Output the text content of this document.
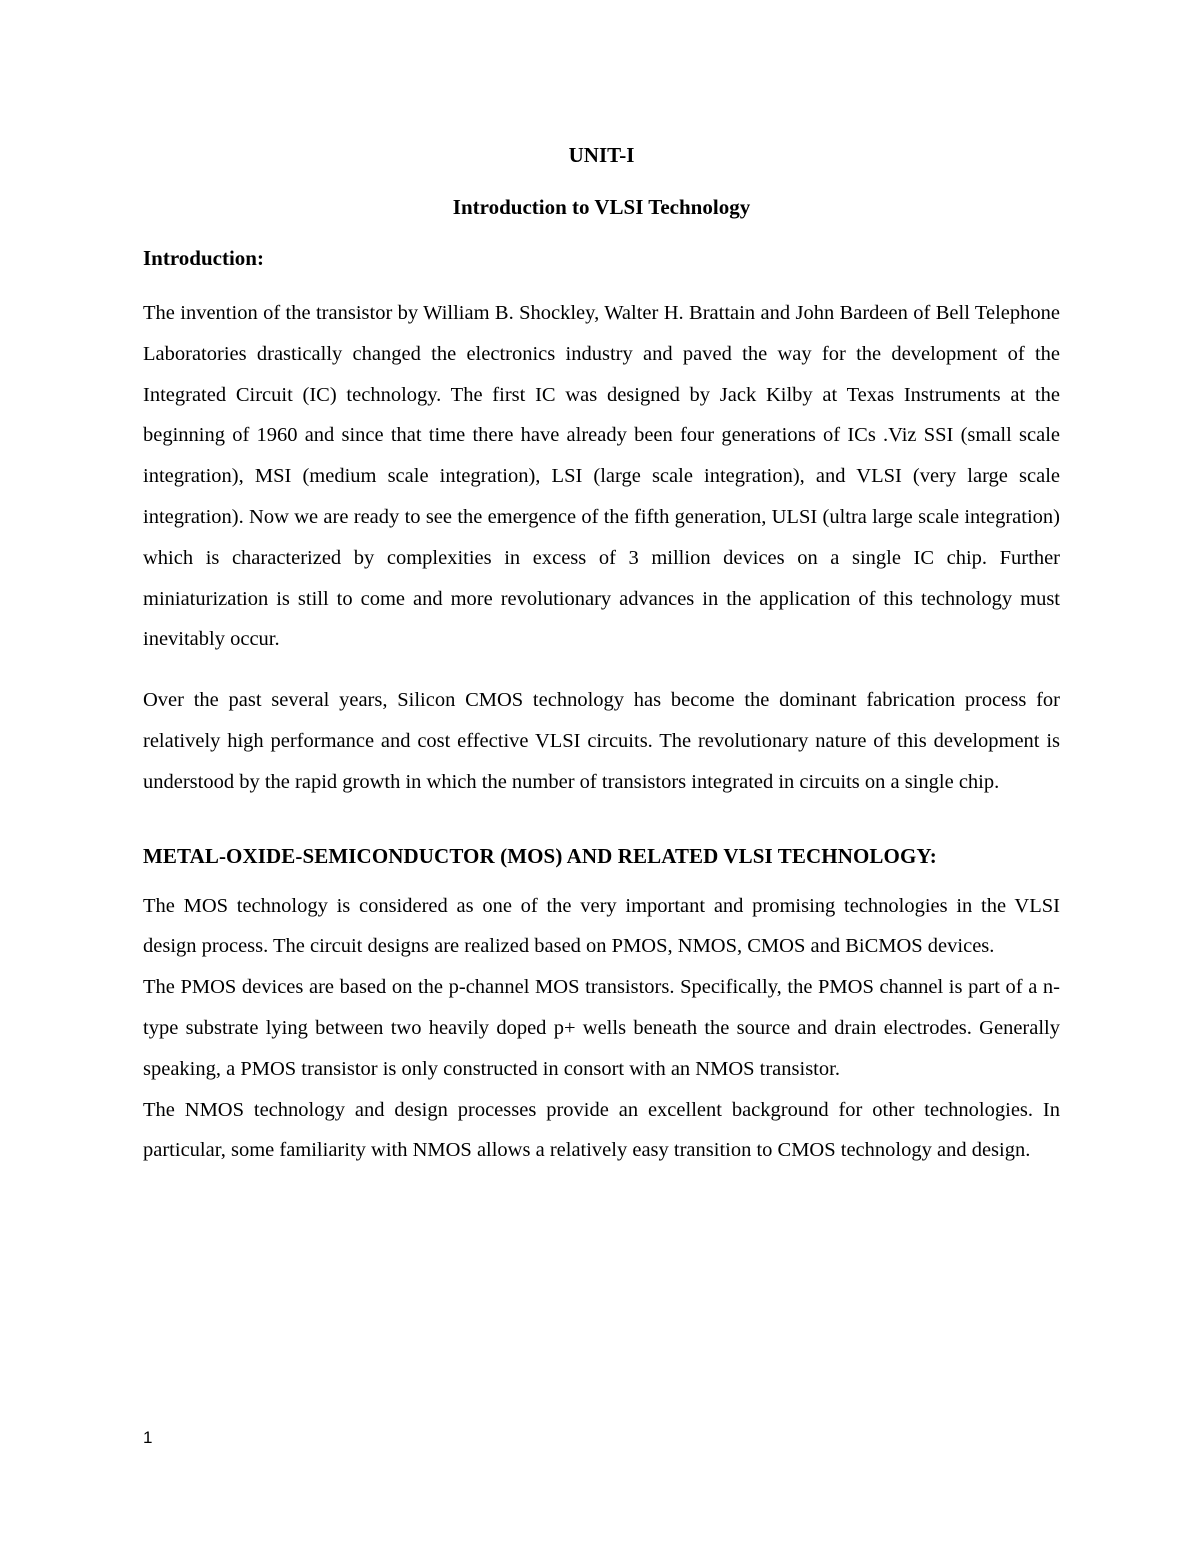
UNIT-I
Introduction to VLSI Technology
Introduction:

The invention of the transistor by William B. Shockley, Walter H. Brattain and John Bardeen of Bell Telephone Laboratories drastically changed the electronics industry and paved the way for the development of the Integrated Circuit (IC) technology. The first IC was designed by Jack Kilby at Texas Instruments at the beginning of 1960 and since that time there have already been four generations of ICs .Viz SSI (small scale integration), MSI (medium scale integration), LSI (large scale integration), and VLSI (very large scale integration). Now we are ready to see the emergence of the fifth generation, ULSI (ultra large scale integration) which is characterized by complexities in excess of 3 million devices on a single IC chip. Further miniaturization is still to come and more revolutionary advances in the application of this technology must inevitably occur.

Over the past several years, Silicon CMOS technology has become the dominant fabrication process for relatively high performance and cost effective VLSI circuits. The revolutionary nature of this development is understood by the rapid growth in which the number of transistors integrated in circuits on a single chip.

METAL-OXIDE-SEMICONDUCTOR (MOS) AND RELATED VLSI TECHNOLOGY:

The MOS technology is considered as one of the very important and promising technologies in the VLSI design process. The circuit designs are realized based on PMOS, NMOS, CMOS and BiCMOS devices.

The PMOS devices are based on the p-channel MOS transistors. Specifically, the PMOS channel is part of a n-type substrate lying between two heavily doped p+ wells beneath the source and drain electrodes. Generally speaking, a PMOS transistor is only constructed in consort with an NMOS transistor.

The NMOS technology and design processes provide an excellent background for other technologies. In particular, some familiarity with NMOS allows a relatively easy transition to CMOS technology and design.

1
